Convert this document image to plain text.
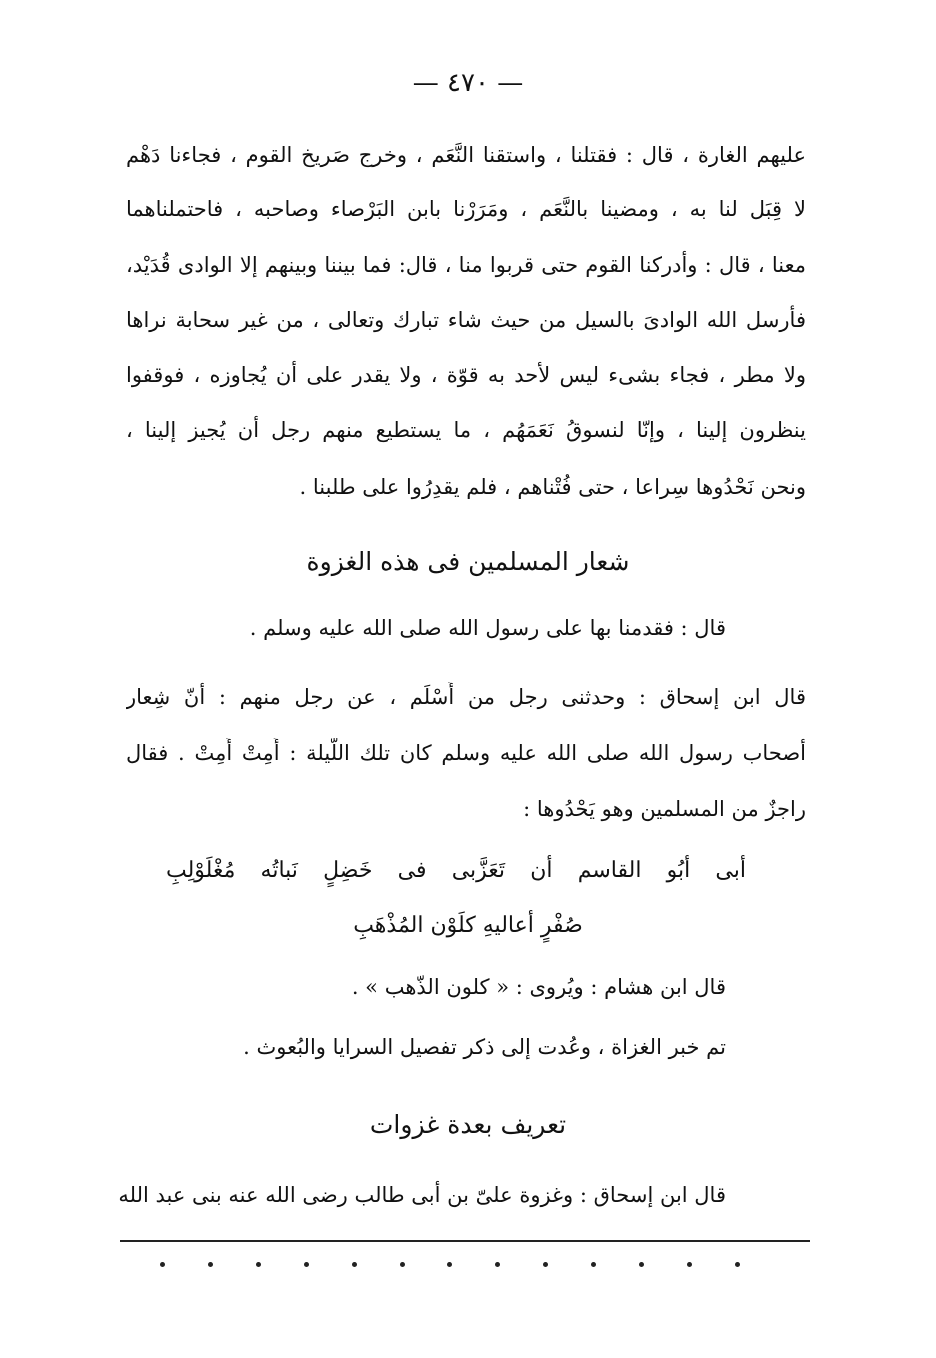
— ٤٧٠ —
عليهم الغارة ، قال : فقتلنا ، واستقنا النَّعَم ، وخرج صَريخ القوم ، فجاءنا دَهْم
لا قِبَل لنا به ، ومضينا بالنَّعَم ، ومَرَرْنا بابن البَرْصاء وصاحبه ، فاحتملناهما
معنا ، قال : وأدركنا القوم حتى قربوا منا ، قال: فما بيننا وبينهم إلا الوادى قُدَيْد،
فأرسل الله الوادىَ بالسيل من حيث شاء تبارك وتعالى ، من غير سحابة نراها
ولا مطر ، فجاء بشىء ليس لأحد به قوّة ، ولا يقدر على أن يُجاوزه ، فوقفوا
ينظرون إلينا ، وإنّا لنسوقُ نَعَمَهُم ، ما يستطيع منهم رجل أن يُجيز إلينا ،
ونحن نَحْدُوها سِراعا ، حتى فُتْناهم ، فلم يقدِرُوا على طلبنا .
شعار المسلمين فى هذه الغزوة
قال : فقدمنا بها على رسول الله صلى الله عليه وسلم .
قال ابن إسحاق : وحدثنى رجل من أَسْلَم ، عن رجل منهم : أنّ شِعار
أصحاب رسول الله صلى الله عليه وسلم كان تلك اللّيلة : أَمِتْ أَمِتْ . فقال
راجزٌ من المسلمين وهو يَحْدُوها :
أبى أبُو القاسم أن تَعَزَّبى فى خَضِلٍ نَباتُه مُغْلَوْلِبِ
صُفْرٍ أعاليهِ كلَوْن المُذْهَبِ
قال ابن هشام : ويُروى : « كلون الذّهب » .
تم خبر الغزاة ، وعُدت إلى ذكر تفصيل السرايا والبُعوث .
تعريف بعدة غزوات
قال ابن إسحاق : وغزوة علىّ بن أبى طالب رضى الله عنه بنى عبد الله
